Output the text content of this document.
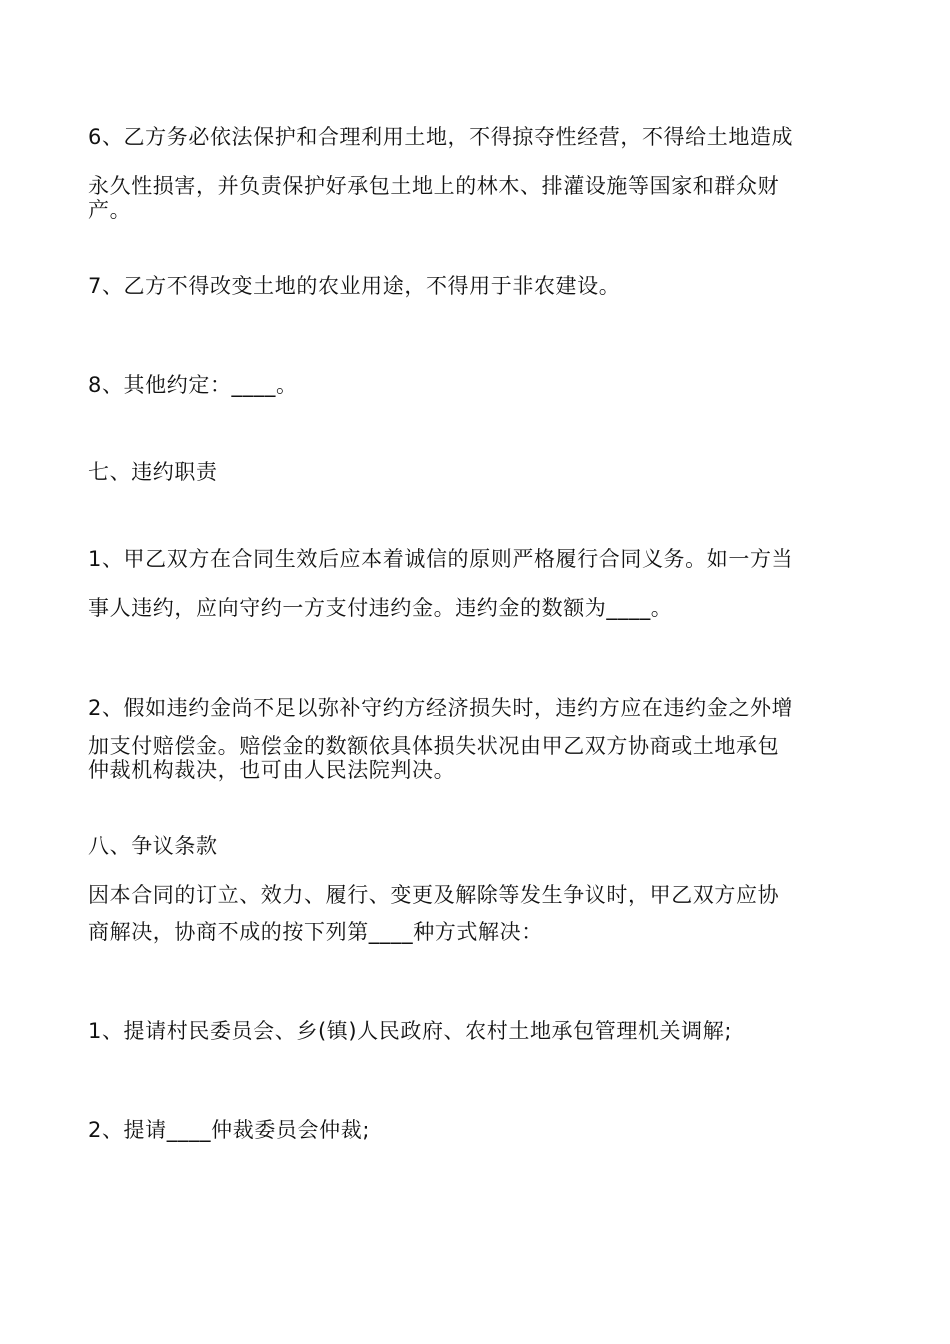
6、乙方务必依法保护和合理利用土地，不得掠夺性经营，不得给土地造成
永久性损害，并负责保护好承包土地上的林木、排灌设施等国家和群众财
产。
7、乙方不得改变土地的农业用途，不得用于非农建设。
8、其他约定：____。
七、违约职责
1、甲乙双方在合同生效后应本着诚信的原则严格履行合同义务。如一方当
事人违约，应向守约一方支付违约金。违约金的数额为____。
2、假如违约金尚不足以弥补守约方经济损失时，违约方应在违约金之外增
加支付赔偿金。赔偿金的数额依具体损失状况由甲乙双方协商或土地承包
仲裁机构裁决，也可由人民法院判决。
八、争议条款
因本合同的订立、效力、履行、变更及解除等发生争议时，甲乙双方应协
商解决，协商不成的按下列第____种方式解决：
1、提请村民委员会、乡(镇)人民政府、农村土地承包管理机关调解;
2、提请____仲裁委员会仲裁;
